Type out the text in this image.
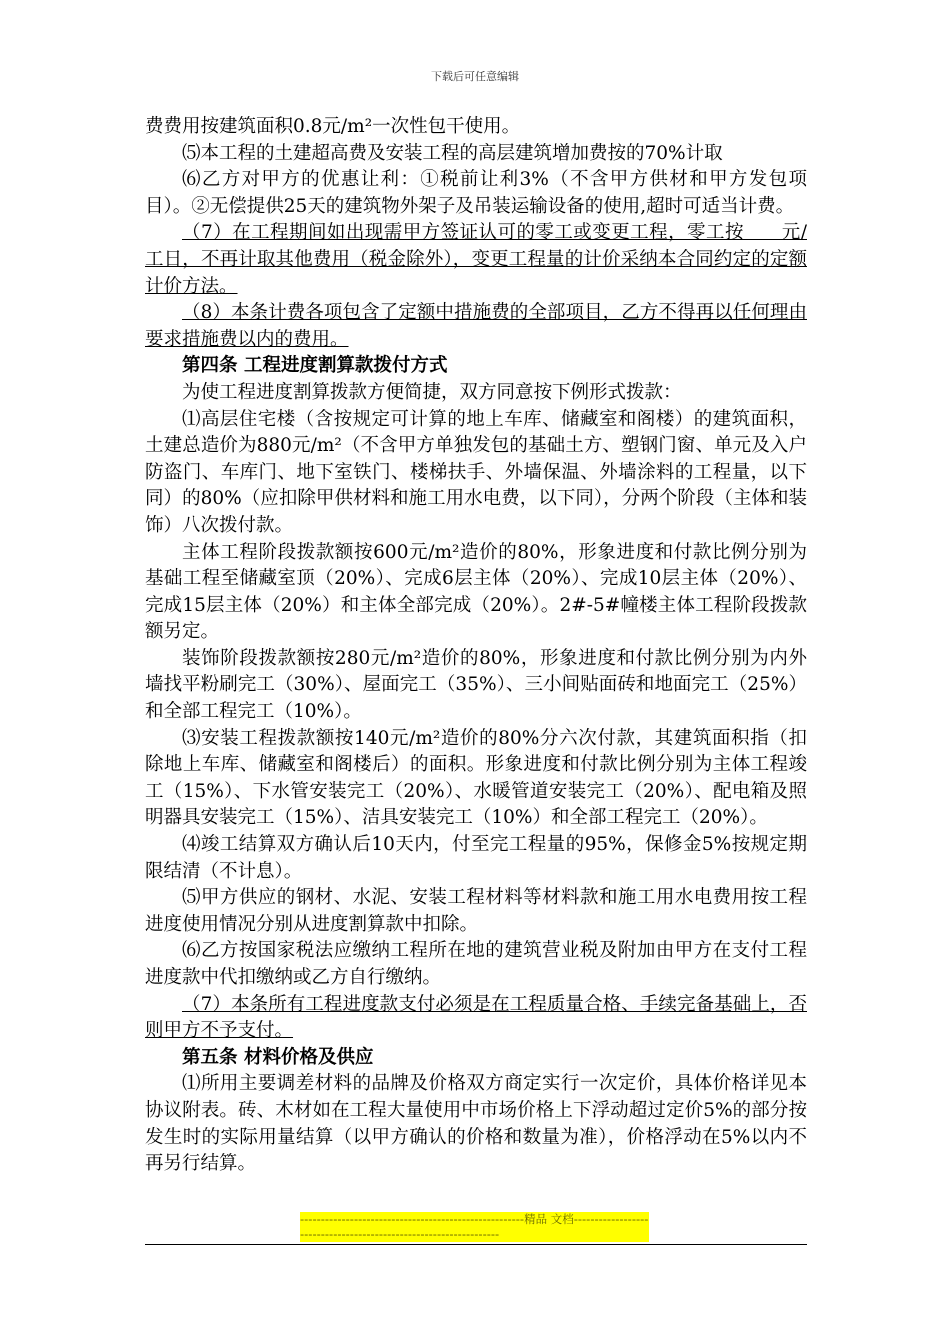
下载后可任意编辑

费费用按建筑面积0.8元/m²一次性包干使用。

⑸本工程的土建超高费及安装工程的高层建筑增加费按的70%计取

⑹乙方对甲方的优惠让利：①税前让利3%（不含甲方供材和甲方发包项目）。②无偿提供25天的建筑物外架子及吊装运输设备的使用,超时可适当计费。

（7）在工程期间如出现需甲方签证认可的零工或变更工程，零工按　　元/工日，不再计取其他费用（税金除外），变更工程量的计价采纳本合同约定的定额计价方法。

（8）本条计费各项包含了定额中措施费的全部项目，乙方不得再以任何理由要求措施费以内的费用。

第四条 工程进度割算款拨付方式

为使工程进度割算拨款方便简捷，双方同意按下例形式拨款：

⑴高层住宅楼（含按规定可计算的地上车库、储藏室和阁楼）的建筑面积，土建总造价为880元/m²（不含甲方单独发包的基础土方、塑钢门窗、单元及入户防盗门、车库门、地下室铁门、楼梯扶手、外墙保温、外墙涂料的工程量，以下同）的80%（应扣除甲供材料和施工用水电费，以下同），分两个阶段（主体和装饰）八次拨付款。

主体工程阶段拨款额按600元/m²造价的80%，形象进度和付款比例分别为基础工程至储藏室顶（20%）、完成6层主体（20%）、完成10层主体（20%）、完成15层主体（20%）和主体全部完成（20%）。2#-5#幢楼主体工程阶段拨款额另定。

装饰阶段拨款额按280元/m²造价的80%，形象进度和付款比例分别为内外墙找平粉刷完工（30%）、屋面完工（35%）、三小间贴面砖和地面完工（25%）和全部工程完工（10%）。

⑶安装工程拨款额按140元/m²造价的80%分六次付款，其建筑面积指（扣除地上车库、储藏室和阁楼后）的面积。形象进度和付款比例分别为主体工程竣工（15%）、下水管安装完工（20%）、水暖管道安装完工（20%）、配电箱及照明器具安装完工（15%）、洁具安装完工（10%）和全部工程完工（20%）。

⑷竣工结算双方确认后10天内，付至完工程量的95%，保修金5%按规定期限结清（不计息）。

⑸甲方供应的钢材、水泥、安装工程材料等材料款和施工用水电费用按工程进度使用情况分别从进度割算款中扣除。

⑹乙方按国家税法应缴纳工程所在地的建筑营业税及附加由甲方在支付工程进度款中代扣缴纳或乙方自行缴纳。

（7）本条所有工程进度款支付必须是在工程质量合格、手续完备基础上，否则甲方不予支付。

第五条 材料价格及供应

⑴所用主要调差材料的品牌及价格双方商定实行一次定价，具体价格详见本协议附表。砖、木材如在工程大量使用中市场价格上下浮动超过定价5%的部分按发生时的实际用量结算（以甲方确认的价格和数量为准），价格浮动在5%以内不再另行结算。

------------------------------------------------------精品 文档------------------------------------------------------------------
